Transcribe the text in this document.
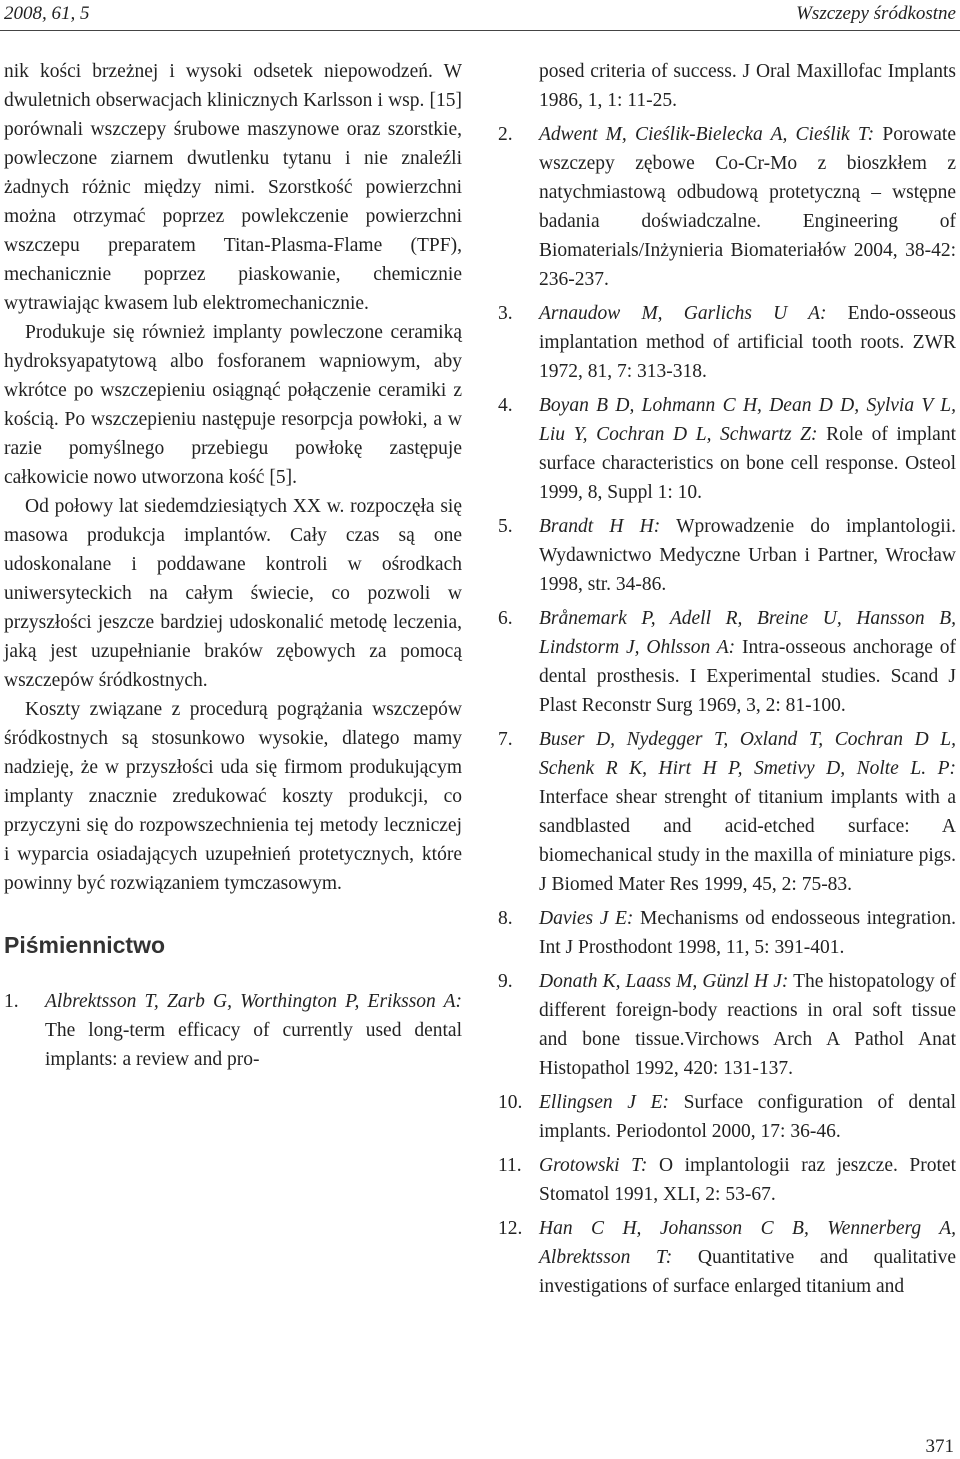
2008, 61, 5	Wszczepy śródkostne

nik kości brzeżnej i wysoki odsetek niepowodzeń. W dwuletnich obserwacjach klinicznych Karlsson i wsp. [15] porównali wszczepy śrubowe maszynowe oraz szorstkie, powleczone ziarnem dwutlenku tytanu i nie znaleźli żadnych różnic między nimi. Szorstkość powierzchni można otrzymać poprzez powlekczenie powierzchni wszczepu preparatem Titan-Plasma-Flame (TPF), mechanicznie poprzez piaskowanie, chemicznie wytrawiając kwasem lub elektromechanicznie.

Produkuje się również implanty powleczone ceramiką hydroksyapatytową albo fosforanem wapniowym, aby wkrótce po wszczepieniu osiągnąć połączenie ceramiki z kością. Po wszczepieniu następuje resorpcja powłoki, a w razie pomyślnego przebiegu powłokę zastępuje całkowicie nowo utworzona kość [5].

Od połowy lat siedemdziesiątych XX w. rozpoczęła się masowa produkcja implantów. Cały czas są one udoskonalane i poddawane kontroli w ośrodkach uniwersyteckich na całym świecie, co pozwoli w przyszłości jeszcze bardziej udoskonalić metodę leczenia, jaką jest uzupełnianie braków zębowych za pomocą wszczepów śródkostnych.

Koszty związane z procedurą pogrążania wszczepów śródkostnych są stosunkowo wysokie, dlatego mamy nadzieję, że w przyszłości uda się firmom produkującym implanty znacznie zredukować koszty produkcji, co przyczyni się do rozpowszechnienia tej metody leczniczej i wyparcia osiadających uzupełnień protetycznych, które powinny być rozwiązaniem tymczasowym.

Piśmiennictwo
1.	Albrektsson T, Zarb G, Worthington P, Eriksson A: The long-term efficacy of currently used dental implants: a review and pro-
posed criteria of success. J Oral Maxillofac Implants 1986, 1, 1: 11-25.
2.	Adwent M, Cieślik-Bielecka A, Cieślik T: Porowate wszczepy zębowe Co-Cr-Mo z bioszkłem z natychmiastową odbudową protetyczną – wstępne badania doświadczalne. Engineering of Biomaterials/Inżynieria Biomateriałów 2004, 38-42: 236-237.
3.	Arnaudow M, Garlichs U A: Endo-osseous implantation method of artificial tooth roots. ZWR 1972, 81, 7: 313-318.
4.	Boyan B D, Lohmann C H, Dean D D, Sylvia V L, Liu Y, Cochran D L, Schwartz Z: Role of implant surface characteristics on bone cell response. Osteol 1999, 8, Suppl 1: 10.
5.	Brandt H H: Wprowadzenie do implantologii. Wydawnictwo Medyczne Urban i Partner, Wrocław 1998, str. 34-86.
6.	Brånemark P, Adell R, Breine U, Hansson B, Lindstorm J, Ohlsson A: Intra-osseous anchorage of dental prosthesis. I Experimental studies. Scand J Plast Reconstr Surg 1969, 3, 2: 81-100.
7.	Buser D, Nydegger T, Oxland T, Cochran D L, Schenk R K, Hirt H P, Smetivy D, Nolte L. P: Interface shear strenght of titanium implants with a sandblasted and acid-etched surface: A biomechanical study in the maxilla of miniature pigs. J Biomed Mater Res 1999, 45, 2: 75-83.
8.	Davies J E: Mechanisms od endosseous integration. Int J Prosthodont 1998, 11, 5: 391-401.
9.	Donath K, Laass M, Günzl H J: The histopatology of different foreign-body reactions in oral soft tissue and bone tissue.Virchows Arch A Pathol Anat Histopathol 1992, 420: 131-137.
10. Ellingsen J E: Surface configuration of dental implants. Periodontol 2000, 17: 36-46.
11. Grotowski T: O implantologii raz jeszcze. Protet Stomatol 1991, XLI, 2: 53-67.
12. Han C H, Johansson C B, Wennerberg A, Albrektsson T: Quantitative and qualitative investigations of surface enlarged titanium and
371
